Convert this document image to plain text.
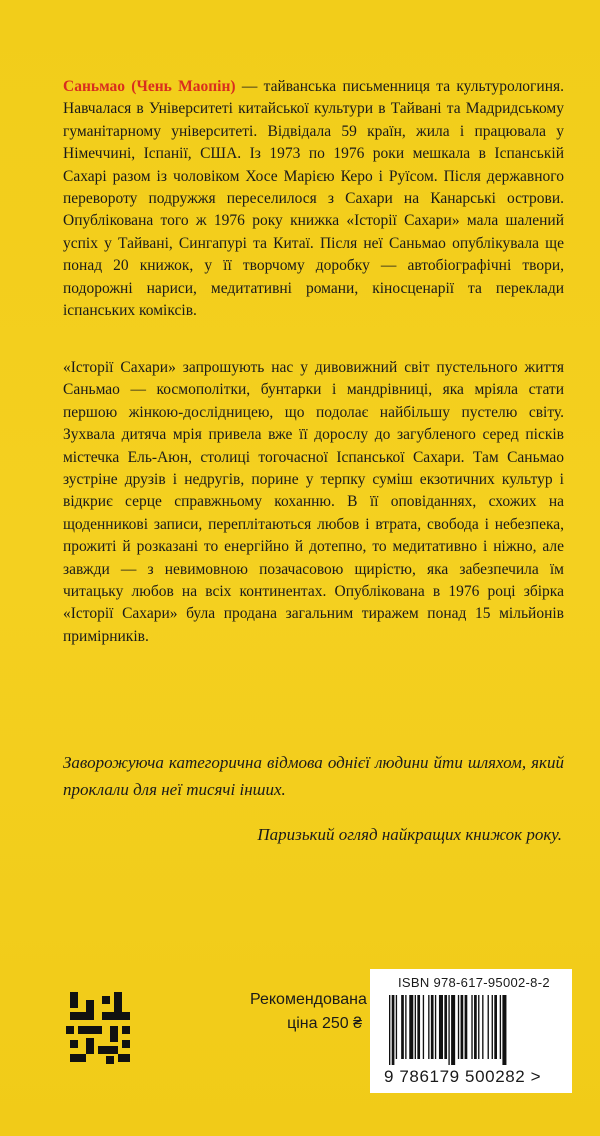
Саньмао (Чень Маопін) — тайванська письменниця та культурологиня. Навчалася в Університеті китайської культури в Тайвані та Мадридському гуманітарному університеті. Відвідала 59 країн, жила і працювала у Німеччині, Іспанії, США. Із 1973 по 1976 роки мешкала в Іспанській Сахарі разом із чоловіком Хосе Марією Керо і Руїсом. Після державного перевороту подружжя переселилося з Сахари на Канарські острови. Опублікована того ж 1976 року книжка «Історії Сахари» мала шалений успіх у Тайвані, Сингапурі та Китаї. Після неї Саньмао опублікувала ще понад 20 книжок, у її творчому доробку — автобіографічні твори, подорожні нариси, медитативні романи, кіносценарії та переклади іспанських коміксів.
«Історії Сахари» запрошують нас у дивовижний світ пустельного життя Саньмао — космополітки, бунтарки і мандрівниці, яка мріяла стати першою жінкою-дослідницею, що подолає найбільшу пустелю світу. Зухвала дитяча мрія привела вже її дорослу до загубленого серед пісків містечка Ель-Аюн, столиці тогочасної Іспанської Сахари. Там Саньмао зустріне друзів і недругів, порине у терпку суміш екзотичних культур і відкриє серце справжньому коханню. В її оповіданнях, схожих на щоденникові записи, переплітаються любов і втрата, свобода і небезпека, прожиті й розказані то енергійно й дотепно, то медитативно і ніжно, але завжди — з невимовною позачасовою щирістю, яка забезпечила їм читацьку любов на всіх континентах. Опублікована в 1976 році збірка «Історії Сахари» була продана загальним тиражем понад 15 мільйонів примірників.
Заворожуюча категорична відмова однієї людини йти шляхом, який проклали для неї тисячі інших.
Паризький огляд найкращих книжок року.
Рекомендована
ціна 250 ₴
ISBN 978-617-95002-8-2
9 786179 500282 >
